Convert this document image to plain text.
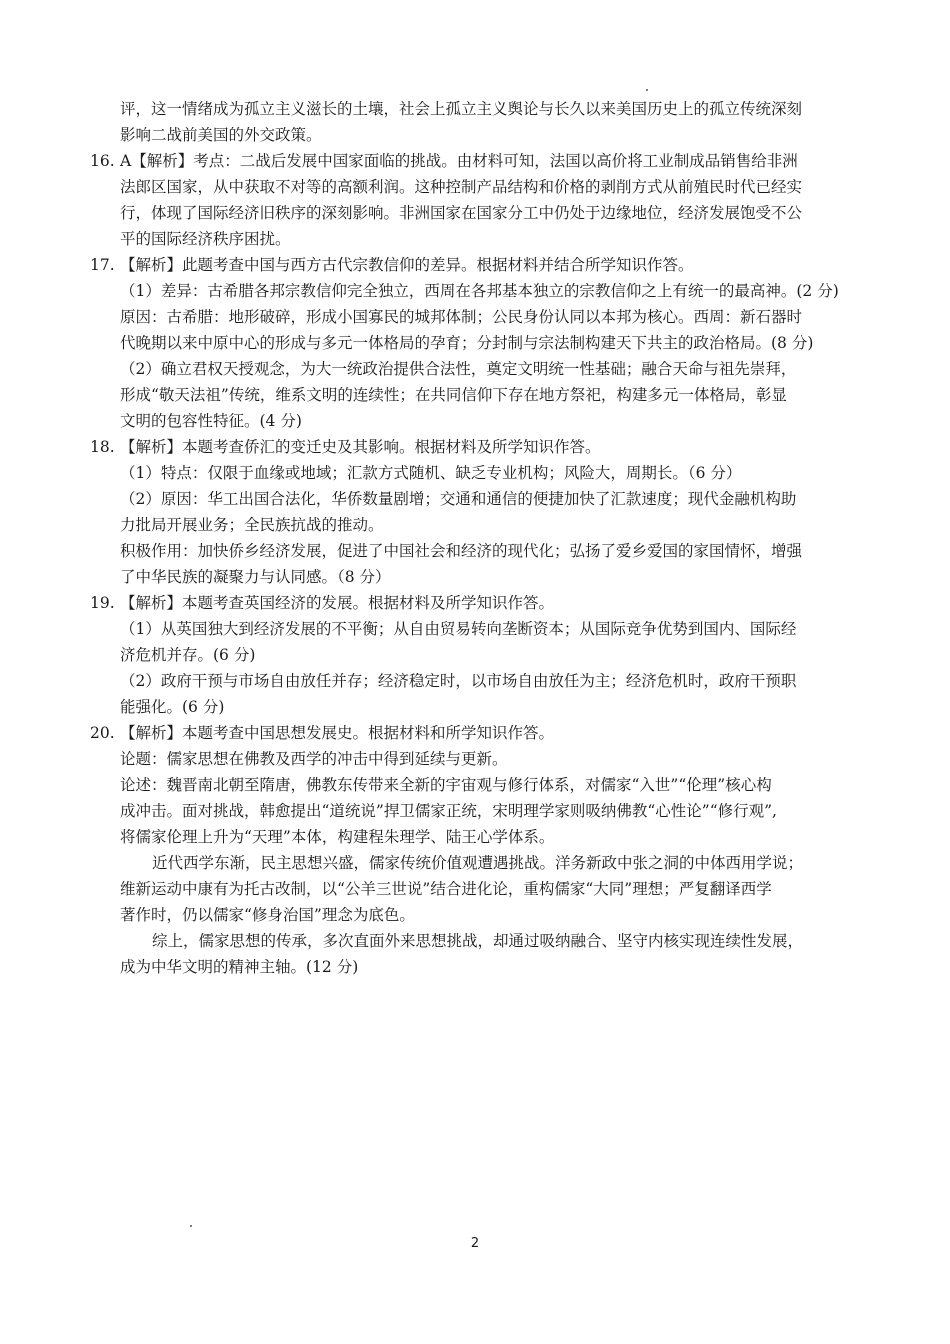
评，这一情绪成为孤立主义滋长的土壤，社会上孤立主义舆论与长久以来美国历史上的孤立传统深刻
影响二战前美国的外交政策。
16. A【解析】考点：二战后发展中国家面临的挑战。由材料可知，法国以高价将工业制成品销售给非洲
法郎区国家，从中获取不对等的高额利润。这种控制产品结构和价格的剥削方式从前殖民时代已经实
行，体现了国际经济旧秩序的深刻影响。非洲国家在国家分工中仍处于边缘地位，经济发展饱受不公
平的国际经济秩序困扰。
17. 【解析】此题考查中国与西方古代宗教信仰的差异。根据材料并结合所学知识作答。
（1）差异：古希腊各邦宗教信仰完全独立，西周在各邦基本独立的宗教信仰之上有统一的最高神。(2 分)
原因：古希腊：地形破碎，形成小国寡民的城邦体制；公民身份认同以本邦为核心。西周：新石器时
代晚期以来中原中心的形成与多元一体格局的孕育；分封制与宗法制构建天下共主的政治格局。(8 分)
（2）确立君权天授观念，为大一统政治提供合法性，奠定文明统一性基础；融合天命与祖先崇拜，
形成“敬天法祖”传统，维系文明的连续性；在共同信仰下存在地方祭祀，构建多元一体格局，彰显
文明的包容性特征。(4 分)
18. 【解析】本题考查侨汇的变迁史及其影响。根据材料及所学知识作答。
（1）特点：仅限于血缘或地域；汇款方式随机、缺乏专业机构；风险大，周期长。（6 分）
（2）原因：华工出国合法化，华侨数量剧增；交通和通信的便捷加快了汇款速度；现代金融机构助
力批局开展业务；全民族抗战的推动。
积极作用：加快侨乡经济发展，促进了中国社会和经济的现代化；弘扬了爱乡爱国的家国情怀，增强
了中华民族的凝聚力与认同感。（8 分）
19. 【解析】本题考查英国经济的发展。根据材料及所学知识作答。
（1）从英国独大到经济发展的不平衡；从自由贸易转向垄断资本；从国际竞争优势到国内、国际经
济危机并存。(6 分)
（2）政府干预与市场自由放任并存；经济稳定时，以市场自由放任为主；经济危机时，政府干预职
能强化。(6 分)
20. 【解析】本题考查中国思想发展史。根据材料和所学知识作答。
论题：儒家思想在佛教及西学的冲击中得到延续与更新。
论述：魏晋南北朝至隋唐，佛教东传带来全新的宇宙观与修行体系，对儒家“入世”“伦理”核心构
成冲击。面对挑战，韩愈提出“道统说”捍卫儒家正统，宋明理学家则吸纳佛教“心性论”“修行观”,
将儒家伦理上升为“天理”本体，构建程朱理学、陆王心学体系。
近代西学东渐，民主思想兴盛，儒家传统价值观遭遇挑战。洋务新政中张之洞的中体西用学说；
维新运动中康有为托古改制，以“公羊三世说”结合进化论，重构儒家“大同”理想；严复翻译西学
著作时，仍以儒家“修身治国”理念为底色。
综上，儒家思想的传承，多次直面外来思想挑战，却通过吸纳融合、坚守内核实现连续性发展，
成为中华文明的精神主轴。(12 分)
2
